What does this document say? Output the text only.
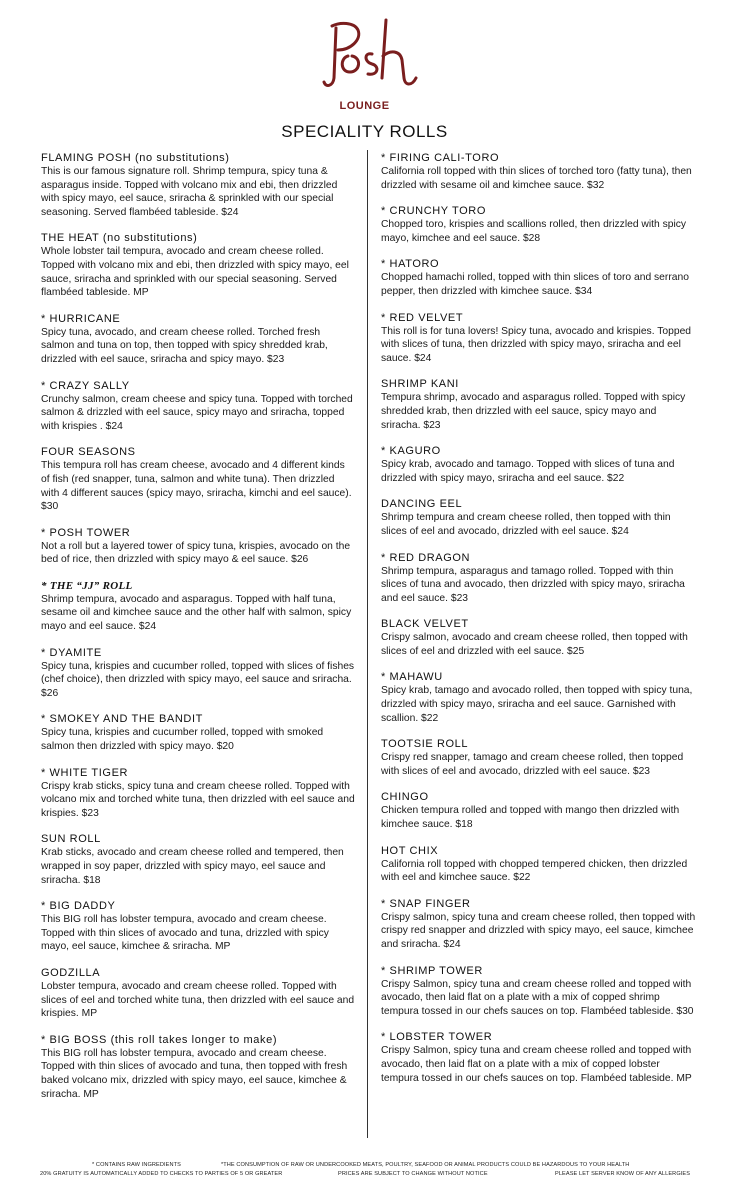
LOUNGE
SPECIALITY ROLLS
FLAMING POSH (no substitutions)
This is our famous signature roll. Shrimp tempura, spicy tuna & asparagus inside. Topped with volcano mix and ebi, then drizzled with spicy mayo, eel sauce, sriracha & sprinkled with our special seasoning. Served flambéed tableside. $24
THE HEAT (no substitutions)
Whole lobster tail tempura, avocado and cream cheese rolled. Topped with volcano mix and ebi, then drizzled with spicy mayo, eel sauce, sriracha and sprinkled with our special seasoning. Served flambéed tableside. MP
* HURRICANE
Spicy tuna, avocado, and cream cheese rolled. Torched fresh salmon and tuna on top, then topped with spicy shredded krab, drizzled with eel sauce, sriracha and spicy mayo. $23
* CRAZY SALLY
Crunchy salmon, cream cheese and spicy tuna. Topped with torched salmon & drizzled with eel sauce, spicy mayo and sriracha, topped with krispies . $24
FOUR SEASONS
This tempura roll has cream cheese, avocado and 4 different kinds of fish (red snapper, tuna, salmon and white tuna). Then drizzled with 4 different sauces (spicy mayo, sriracha, kimchi and eel sauce). $30
* POSH TOWER
Not a roll but a layered tower of spicy tuna, krispies, avocado on the bed of rice, then drizzled with spicy mayo & eel sauce. $26
* THE “JJ” ROLL
Shrimp tempura, avocado and asparagus. Topped with half tuna, sesame oil and kimchee sauce and the other half with salmon, spicy mayo and eel sauce. $24
* DYAMITE
Spicy tuna, krispies and cucumber rolled, topped with slices of fishes (chef choice), then drizzled with spicy mayo, eel sauce and sriracha. $26
* SMOKEY AND THE BANDIT
Spicy tuna, krispies and cucumber rolled, topped with smoked salmon then drizzled with spicy mayo. $20
* WHITE TIGER
Crispy krab sticks, spicy tuna and cream cheese rolled. Topped with volcano mix and torched white tuna, then drizzled with eel sauce and krispies. $23
SUN ROLL
Krab sticks, avocado and cream cheese rolled and tempered, then wrapped in soy paper, drizzled with spicy mayo, eel sauce and sriracha. $18
* BIG DADDY
This BIG roll has lobster tempura, avocado and cream cheese. Topped with thin slices of avocado and tuna, drizzled with spicy mayo, eel sauce, kimchee & sriracha. MP
GODZILLA
Lobster tempura, avocado and cream cheese rolled. Topped with slices of eel and torched white tuna, then drizzled with eel sauce and krispies. MP
* BIG BOSS (this roll takes longer to make)
This BIG roll has lobster tempura, avocado and cream cheese. Topped with thin slices of avocado and tuna, then topped with fresh baked volcano mix, drizzled with spicy mayo, eel sauce, kimchee & sriracha. MP
* FIRING CALI-TORO
California roll topped with thin slices of torched toro (fatty tuna), then drizzled with sesame oil and kimchee sauce. $32
* CRUNCHY TORO
Chopped toro, krispies and scallions rolled, then drizzled with spicy mayo, kimchee and eel sauce. $28
* HATORO
Chopped hamachi rolled, topped with thin slices of toro and serrano pepper, then drizzled with kimchee sauce. $34
* RED VELVET
This roll is for tuna lovers! Spicy tuna, avocado and krispies. Topped with slices of tuna, then drizzled with spicy mayo, sriracha and eel sauce. $24
SHRIMP KANI
Tempura shrimp, avocado and asparagus rolled. Topped with spicy shredded krab, then drizzled with eel sauce, spicy mayo and sriracha. $23
* KAGURO
Spicy krab, avocado and tamago. Topped with slices of tuna and drizzled with spicy mayo, sriracha and eel sauce. $22
DANCING EEL
Shrimp tempura and cream cheese rolled, then topped with thin slices of eel and avocado, drizzled with eel sauce. $24
* RED DRAGON
Shrimp tempura, asparagus and tamago rolled. Topped with thin slices of tuna and avocado, then drizzled with spicy mayo, sriracha and eel sauce. $23
BLACK VELVET
Crispy salmon, avocado and cream cheese rolled, then topped with slices of eel and drizzled with eel sauce. $25
* MAHAWU
Spicy krab, tamago and avocado rolled, then topped with spicy tuna, drizzled with spicy mayo, sriracha and eel sauce. Garnished with scallion. $22
TOOTSIE ROLL
Crispy red snapper, tamago and cream cheese rolled, then topped with slices of eel and avocado, drizzled with eel sauce. $23
CHINGO
Chicken tempura rolled and topped with mango then drizzled with kimchee sauce. $18
HOT CHIX
California roll topped with chopped tempered chicken, then drizzled with eel and kimchee sauce. $22
* SNAP FINGER
Crispy salmon, spicy tuna and cream cheese rolled, then topped with crispy red snapper and drizzled with spicy mayo, eel sauce, kimchee and sriracha. $24
* SHRIMP TOWER
Crispy Salmon, spicy tuna and cream cheese rolled and topped with avocado, then laid flat on a plate with a mix of copped shrimp tempura tossed in our chefs sauces on top. Flambéed tableside. $30
* LOBSTER TOWER
Crispy Salmon, spicy tuna and cream cheese rolled and topped with avocado, then laid flat on a plate with a mix of copped lobster tempura tossed in our chefs sauces on top. Flambéed tableside. MP
* CONTAINS RAW INGREDIENTS	*THE CONSUMPTION OF RAW OR UNDERCOOKED MEATS, POULTRY, SEAFOOD OR ANIMAL PRODUCTS COULD BE HAZARDOUS TO YOUR HEALTH
20% GRATUITY IS AUTOMATICALLY ADDED TO CHECKS TO PARTIES OF 5 OR GREATER	PRICES ARE SUBJECT TO CHANGE WITHOUT NOTICE	PLEASE LET SERVER KNOW OF ANY ALLERGIES
